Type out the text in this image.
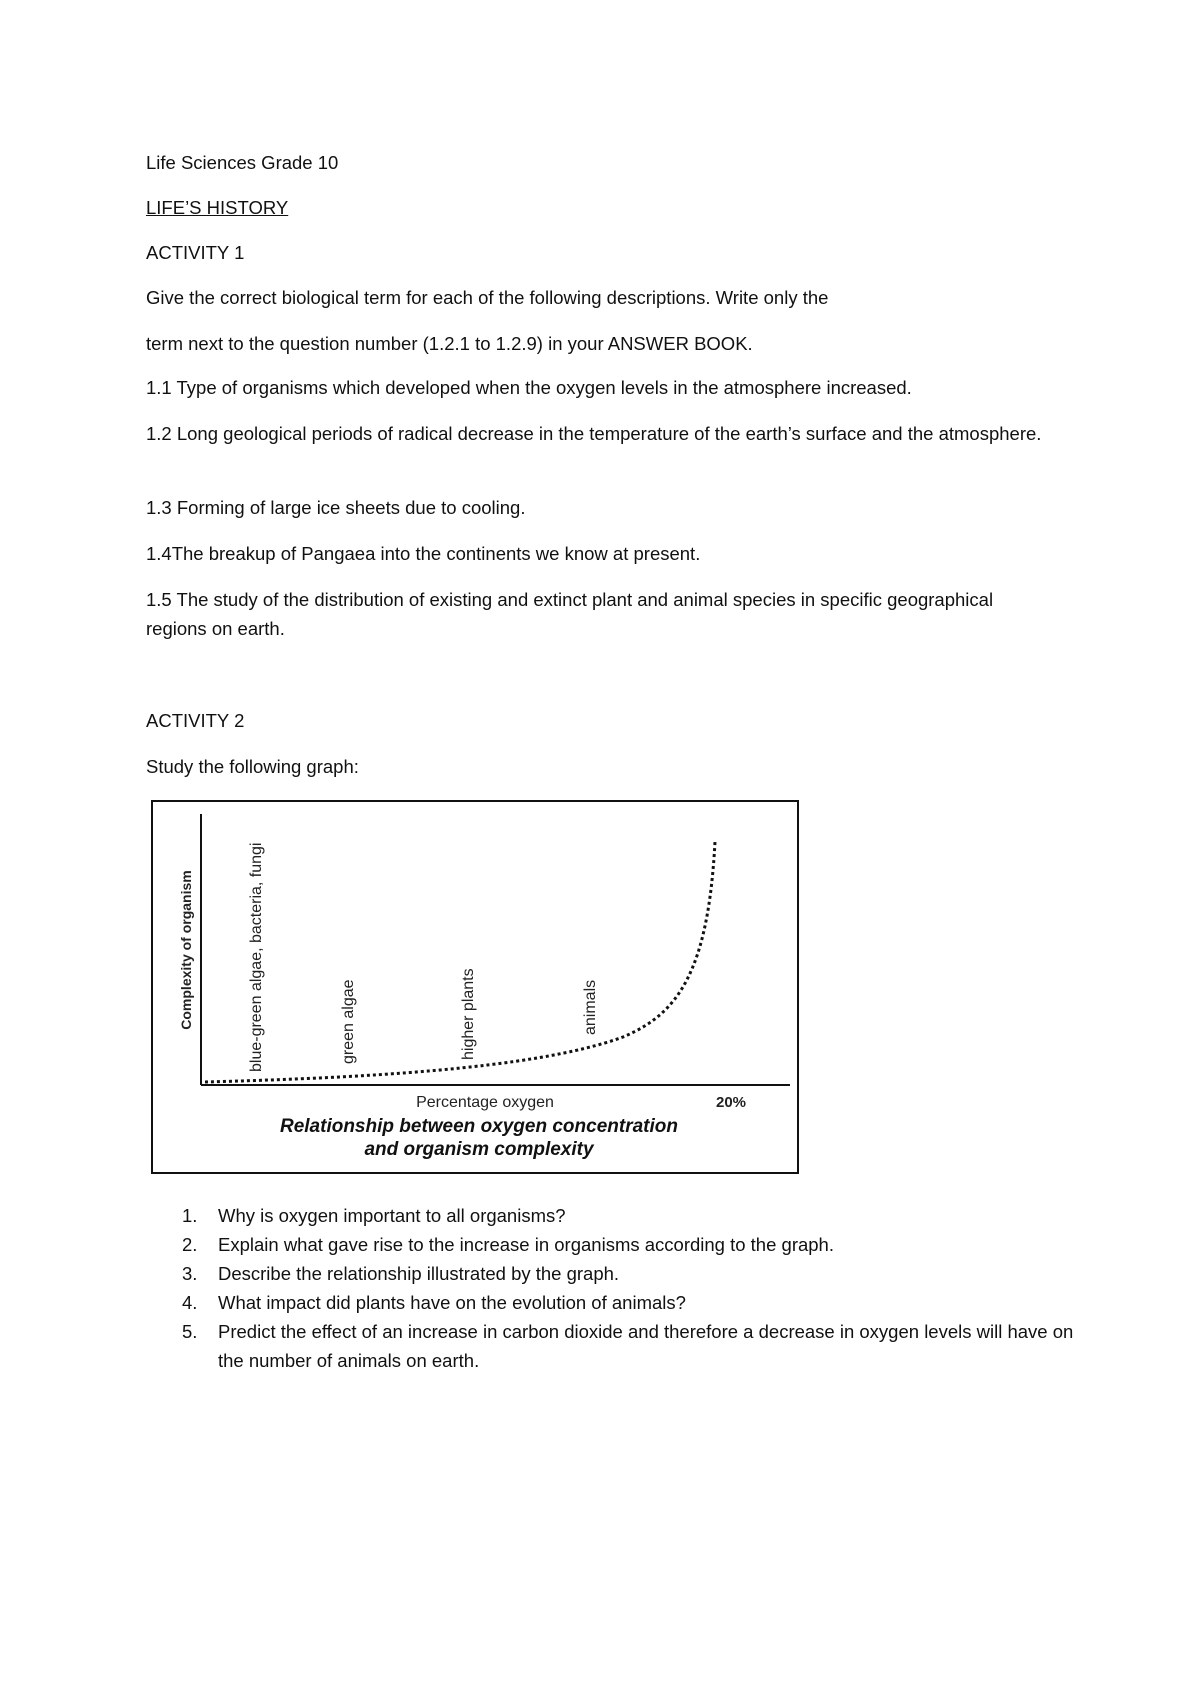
Life Sciences Grade 10

LIFE’S HISTORY

ACTIVITY 1

Give the correct biological term for each of the following descriptions. Write only the

term next to the question number (1.2.1 to 1.2.9) in your ANSWER BOOK.

1.1 Type of organisms which developed when the oxygen levels in the atmosphere increased.

1.2 Long geological periods of radical decrease in the temperature of the earth’s surface and the atmosphere.

1.3 Forming of large ice sheets due to cooling.

1.4The breakup of Pangaea into the continents we know at present.

1.5 The study of the distribution of existing and extinct plant and animal species in specific geographical regions on earth.

ACTIVITY 2

Study the following graph:

Complexity of organism	blue-green algae, bacteria, fungi	green algae	higher plants	animals
Percentage oxygen	20%
Relationship between oxygen concentration
and organism complexity
1. Why is oxygen important to all organisms?
2. Explain what gave rise to the increase in organisms according to the graph.
3. Describe the relationship illustrated by the graph.
4. What impact did plants have on the evolution of animals?
5. Predict the effect of an increase in carbon dioxide and therefore a decrease in oxygen levels will have on the number of animals on earth.
